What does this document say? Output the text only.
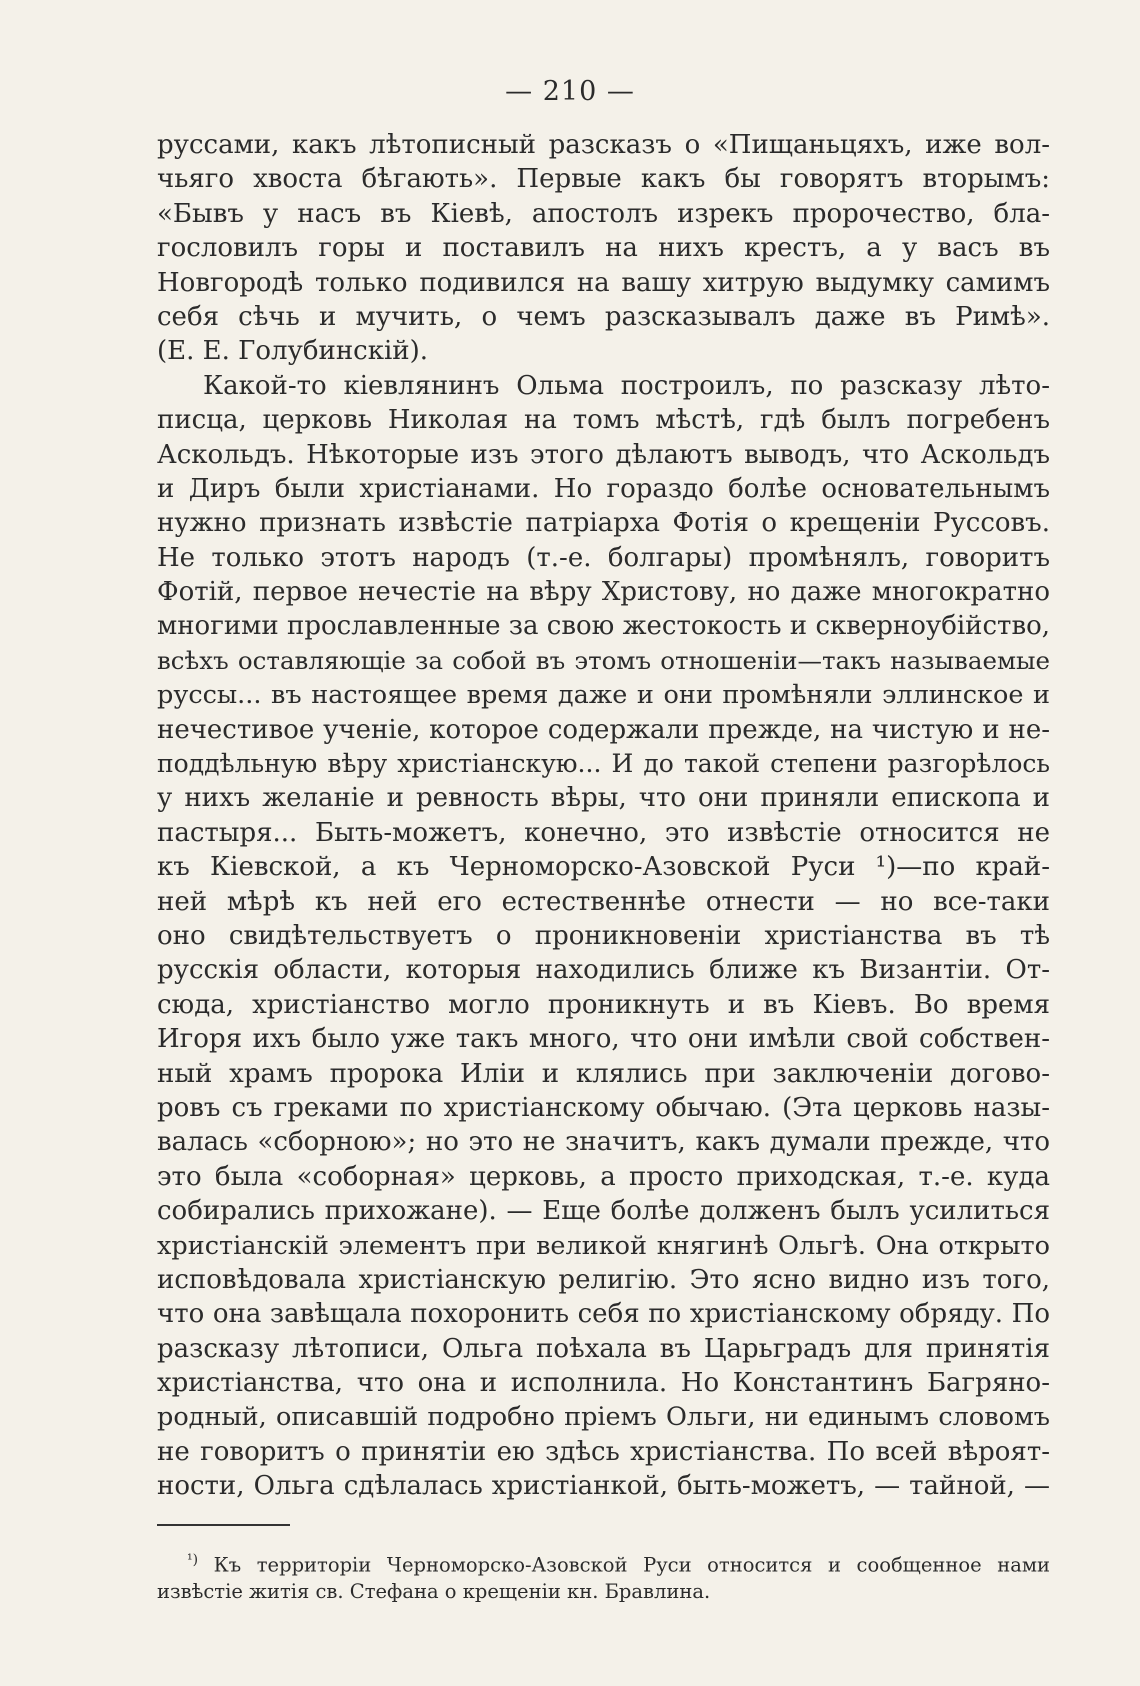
— 210 —
руссами, какъ лѣтописный разсказъ о «Пищаньцяхъ, иже вол-
чьяго хвоста бѣгають». Первые какъ бы говорятъ вторымъ:
«Бывъ у насъ въ Кіевѣ, апостолъ изрекъ пророчество, бла-
гословилъ горы и поставилъ на нихъ крестъ, а у васъ въ
Новгородѣ только подивился на вашу хитрую выдумку самимъ
себя сѣчь и мучить, о чемъ разсказывалъ даже въ Римѣ».
(Е. Е. Голубинскій).
Какой-то кіевлянинъ Ольма построилъ, по разсказу лѣто-
писца, церковь Николая на томъ мѣстѣ, гдѣ былъ погребенъ
Аскольдъ. Нѣкоторые изъ этого дѣлаютъ выводъ, что Аскольдъ
и Диръ были христіанами. Но гораздо болѣе основательнымъ
нужно признать извѣстіе патріарха Фотія о крещеніи Руссовъ.
Не только этотъ народъ (т.-е. болгары) промѣнялъ, говоритъ
Фотій, первое нечестіе на вѣру Христову, но даже многократно
многими прославленные за свою жестокость и скверноубійство,
всѣхъ оставляющіе за собой въ этомъ отношеніи—такъ называемые
руссы... въ настоящее время даже и они промѣняли эллинское и
нечестивое ученіе, которое содержали прежде, на чистую и не-
поддѣльную вѣру христіанскую... И до такой степени разгорѣлось
у нихъ желаніе и ревность вѣры, что они приняли епископа и
пастыря... Быть-можетъ, конечно, это извѣстіе относится не
къ Кіевской, а къ Черноморско-Азовской Руси ¹)—по край-
ней мѣрѣ къ ней его естественнѣе отнести — но все-таки
оно свидѣтельствуетъ о проникновеніи христіанства въ тѣ
русскія области, которыя находились ближе къ Византіи. От-
сюда, христіанство могло проникнуть и въ Кіевъ. Во время
Игоря ихъ было уже такъ много, что они имѣли свой собствен-
ный храмъ пророка Иліи и клялись при заключеніи догово-
ровъ съ греками по христіанскому обычаю. (Эта церковь назы-
валась «сборною»; но это не значитъ, какъ думали прежде, что
это была «соборная» церковь, а просто приходская, т.-е. куда
собирались прихожане). — Еще болѣе долженъ былъ усилиться
христіанскій элементъ при великой княгинѣ Ольгѣ. Она открыто
исповѣдовала христіанскую религію. Это ясно видно изъ того,
что она завѣщала похоронить себя по христіанскому обряду. По
разсказу лѣтописи, Ольга поѣхала въ Царьградъ для принятія
христіанства, что она и исполнила. Но Константинъ Багряно-
родный, описавшій подробно пріемъ Ольги, ни единымъ словомъ
не говоритъ о принятіи ею здѣсь христіанства. По всей вѣроят-
ности, Ольга сдѣлалась христіанкой, быть-можетъ, — тайной, —
$^{^1)}$ Къ территоріи Черноморско-Азовской Руси относится и сообщенное нами
извѣстіе житія св. Стефана о крещеніи кн. Бравлина.
